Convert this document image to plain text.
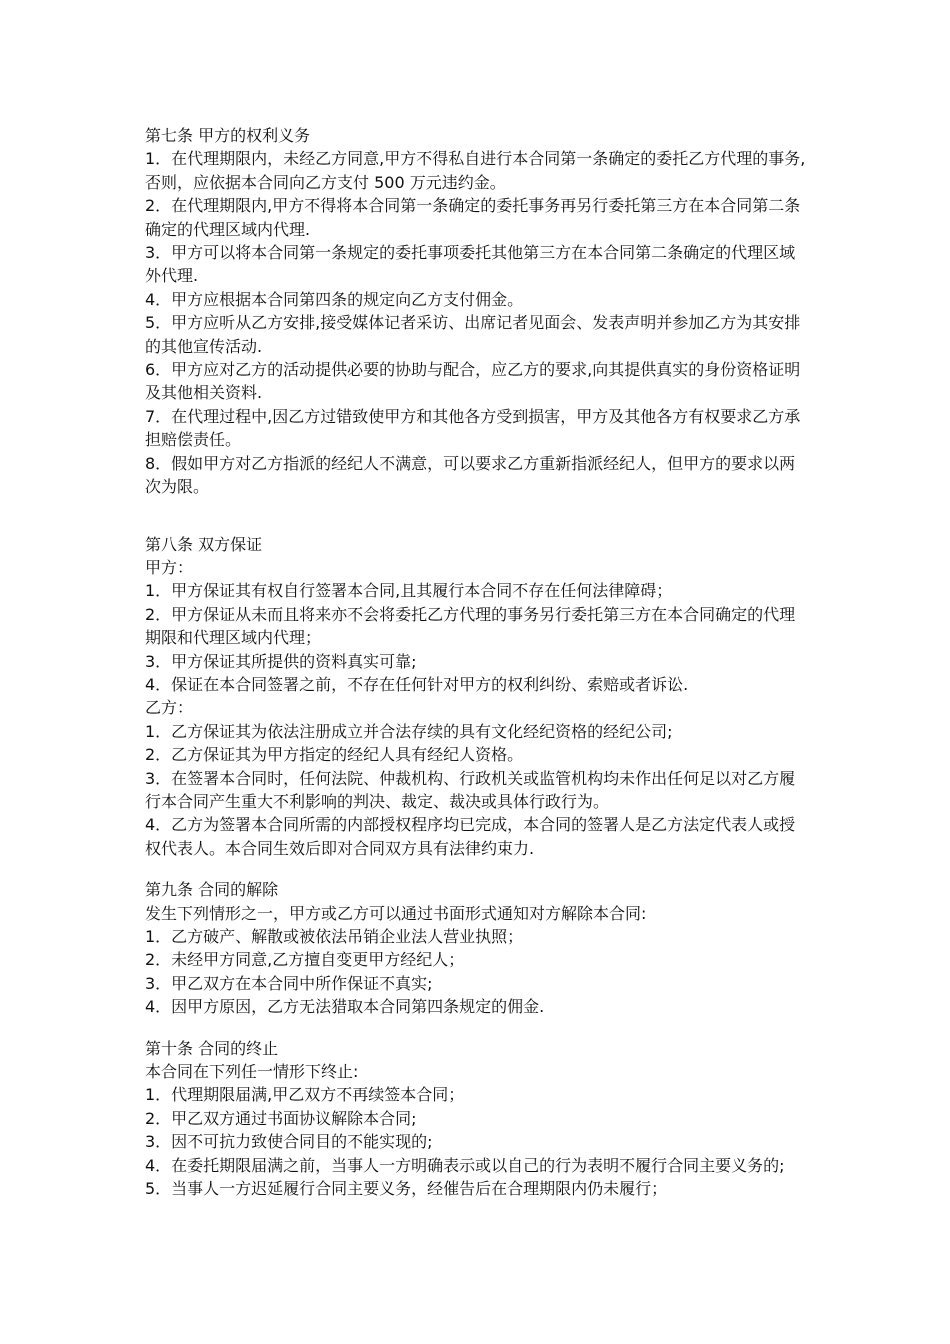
第七条 甲方的权利义务

1．在代理期限内，未经乙方同意,甲方不得私自进行本合同第一条确定的委托乙方代理的事务,否则，应依据本合同向乙方支付 500 万元违约金。

2．在代理期限内,甲方不得将本合同第一条确定的委托事务再另行委托第三方在本合同第二条确定的代理区域内代理.

3．甲方可以将本合同第一条规定的委托事项委托其他第三方在本合同第二条确定的代理区域外代理.

4．甲方应根据本合同第四条的规定向乙方支付佣金。

5．甲方应听从乙方安排,接受媒体记者采访、出席记者见面会、发表声明并参加乙方为其安排的其他宣传活动.

6．甲方应对乙方的活动提供必要的协助与配合，应乙方的要求,向其提供真实的身份资格证明及其他相关资料.

7．在代理过程中,因乙方过错致使甲方和其他各方受到损害，甲方及其他各方有权要求乙方承担赔偿责任。

8．假如甲方对乙方指派的经纪人不满意，可以要求乙方重新指派经纪人，但甲方的要求以两次为限。

第八条 双方保证

甲方：

1．甲方保证其有权自行签署本合同,且其履行本合同不存在任何法律障碍；

2．甲方保证从未而且将来亦不会将委托乙方代理的事务另行委托第三方在本合同确定的代理期限和代理区域内代理；

3．甲方保证其所提供的资料真实可靠;

4．保证在本合同签署之前，不存在任何针对甲方的权利纠纷、索赔或者诉讼.

乙方：

1．乙方保证其为依法注册成立并合法存续的具有文化经纪资格的经纪公司;

2．乙方保证其为甲方指定的经纪人具有经纪人资格。

3．在签署本合同时，任何法院、仲裁机构、行政机关或监管机构均未作出任何足以对乙方履行本合同产生重大不利影响的判决、裁定、裁决或具体行政行为。

4．乙方为签署本合同所需的内部授权程序均已完成，本合同的签署人是乙方法定代表人或授权代表人。本合同生效后即对合同双方具有法律约束力.

第九条 合同的解除

发生下列情形之一，甲方或乙方可以通过书面形式通知对方解除本合同:

1．乙方破产、解散或被依法吊销企业法人营业执照；

2．未经甲方同意,乙方擅自变更甲方经纪人；

3．甲乙双方在本合同中所作保证不真实;

4．因甲方原因，乙方无法猎取本合同第四条规定的佣金.

第十条 合同的终止

本合同在下列任一情形下终止:

1．代理期限届满,甲乙双方不再续签本合同；

2．甲乙双方通过书面协议解除本合同;

3．因不可抗力致使合同目的不能实现的;

4．在委托期限届满之前，当事人一方明确表示或以自己的行为表明不履行合同主要义务的;

5．当事人一方迟延履行合同主要义务，经催告后在合理期限内仍未履行；
